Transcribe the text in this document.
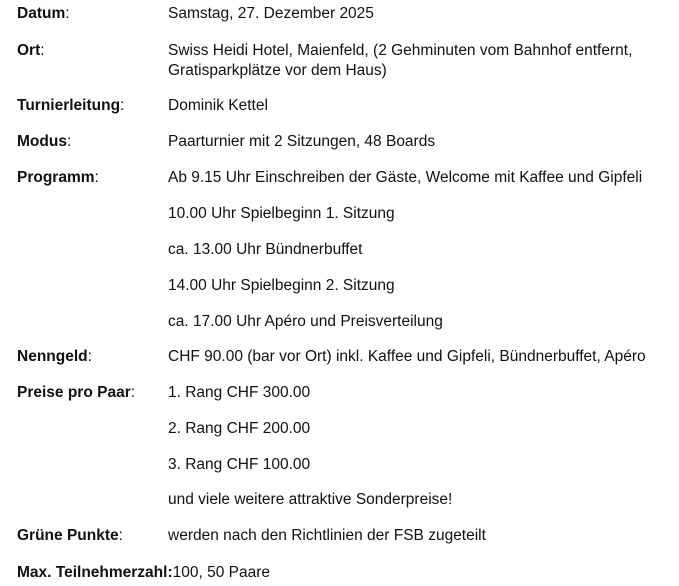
Datum:	Samstag, 27. Dezember 2025
Ort:	Swiss Heidi Hotel, Maienfeld, (2 Gehminuten vom Bahnhof entfernt,
Gratisparkplätze vor dem Haus)
Turnierleitung:	Dominik Kettel
Modus:	Paarturnier mit 2 Sitzungen, 48 Boards
Programm:	Ab 9.15 Uhr Einschreiben der Gäste, Welcome mit Kaffee und Gipfeli
10.00 Uhr Spielbeginn 1. Sitzung
ca. 13.00 Uhr Bündnerbuffet
14.00 Uhr Spielbeginn 2. Sitzung
ca. 17.00 Uhr Apéro und Preisverteilung
Nenngeld:	CHF 90.00 (bar vor Ort) inkl. Kaffee und Gipfeli, Bündnerbuffet, Apéro
Preise pro Paar: 1. Rang CHF 300.00
2. Rang CHF 200.00
3. Rang CHF 100.00
und viele weitere attraktive Sonderpreise!
Grüne Punkte:	werden nach den Richtlinien der FSB zugeteilt
Max. Teilnehmerzahl:100, 50 Paare
